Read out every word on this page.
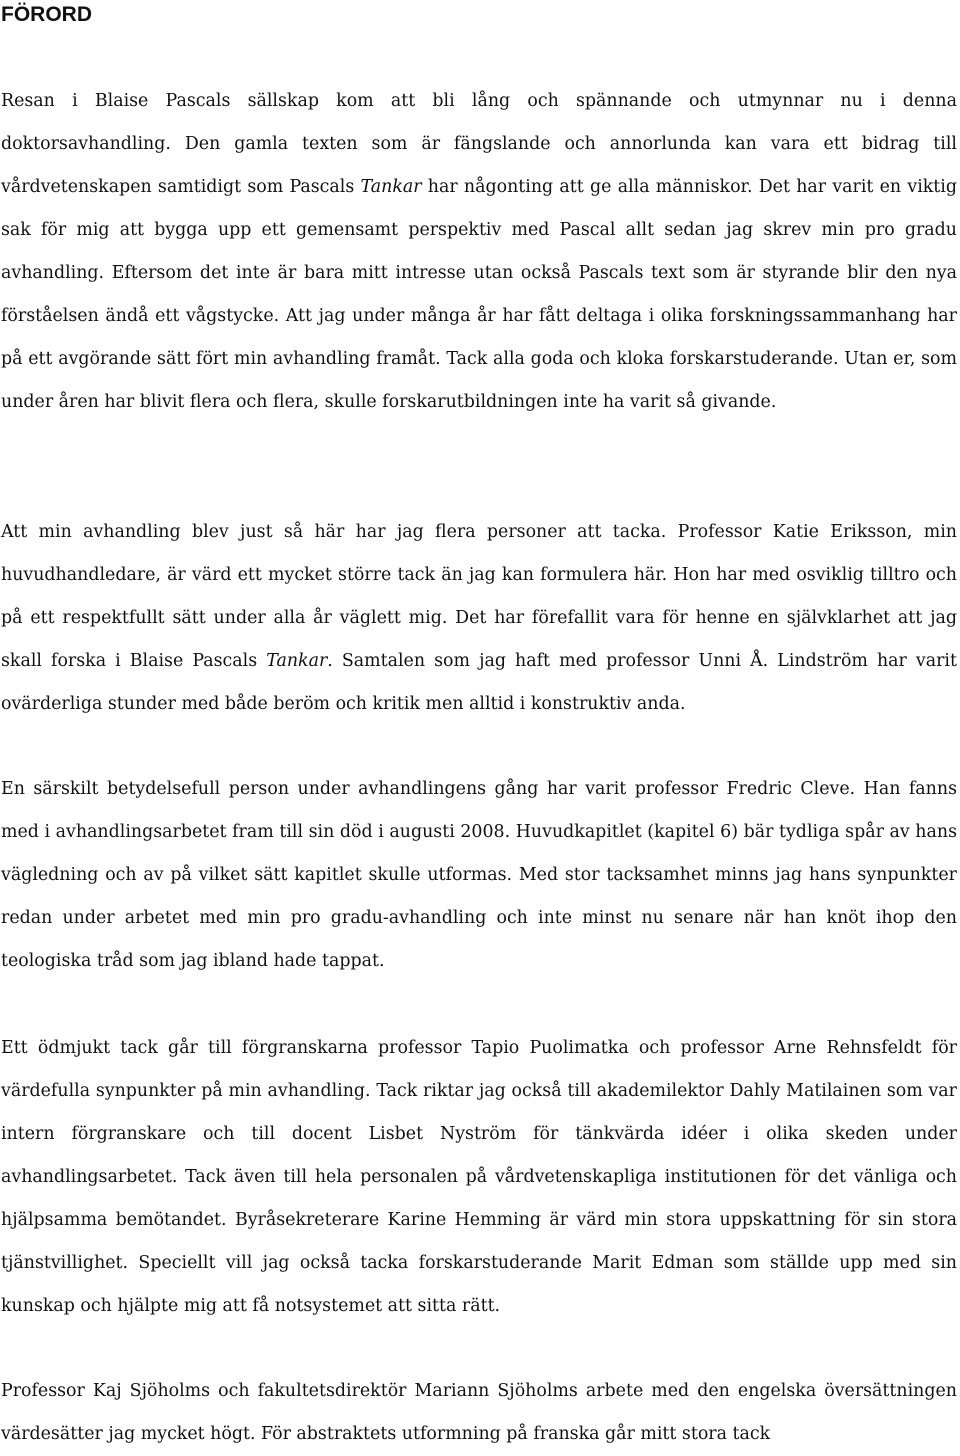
FÖRORD

Resan i Blaise Pascals sällskap kom att bli lång och spännande och utmynnar nu i denna doktorsavhandling. Den gamla texten som är fängslande och annorlunda kan vara ett bidrag till vårdvetenskapen samtidigt som Pascals Tankar har någonting att ge alla människor. Det har varit en viktig sak för mig att bygga upp ett gemensamt perspektiv med Pascal allt sedan jag skrev min pro gradu avhandling. Eftersom det inte är bara mitt intresse utan också Pascals text som är styrande blir den nya förståelsen ändå ett vågstycke. Att jag under många år har fått deltaga i olika forskningssammanhang har på ett avgörande sätt fört min avhandling framåt. Tack alla goda och kloka forskarstuderande. Utan er, som under åren har blivit flera och flera, skulle forskarutbildningen inte ha varit så givande.

Att min avhandling blev just så här har jag flera personer att tacka. Professor Katie Eriksson, min huvudhandledare, är värd ett mycket större tack än jag kan formulera här. Hon har med osviklig tilltro och på ett respektfullt sätt under alla år väglett mig. Det har förefallit vara för henne en självklarhet att jag skall forska i Blaise Pascals Tankar. Samtalen som jag haft med professor Unni Å. Lindström har varit ovärderliga stunder med både beröm och kritik men alltid i konstruktiv anda.

En särskilt betydelsefull person under avhandlingens gång har varit professor Fredric Cleve. Han fanns med i avhandlingsarbetet fram till sin död i augusti 2008. Huvudkapitlet (kapitel 6) bär tydliga spår av hans vägledning och av på vilket sätt kapitlet skulle utformas. Med stor tacksamhet minns jag hans synpunkter redan under arbetet med min pro gradu-avhandling och inte minst nu senare när han knöt ihop den teologiska tråd som jag ibland hade tappat.

Ett ödmjukt tack går till förgranskarna professor Tapio Puolimatka och professor Arne Rehnsfeldt för värdefulla synpunkter på min avhandling. Tack riktar jag också till akademilektor Dahly Matilainen som var intern förgranskare och till docent Lisbet Nyström för tänkvärda idéer i olika skeden under avhandlingsarbetet. Tack även till hela personalen på vårdvetenskapliga institutionen för det vänliga och hjälpsamma bemötandet. Byråsekreterare Karine Hemming är värd min stora uppskattning för sin stora tjänstvillighet. Speciellt vill jag också tacka forskarstuderande Marit Edman som ställde upp med sin kunskap och hjälpte mig att få notsystemet att sitta rätt.

Professor Kaj Sjöholms och fakultetsdirektör Mariann Sjöholms arbete med den engelska översättningen värdesätter jag mycket högt. För abstraktets utformning på franska går mitt stora tack
